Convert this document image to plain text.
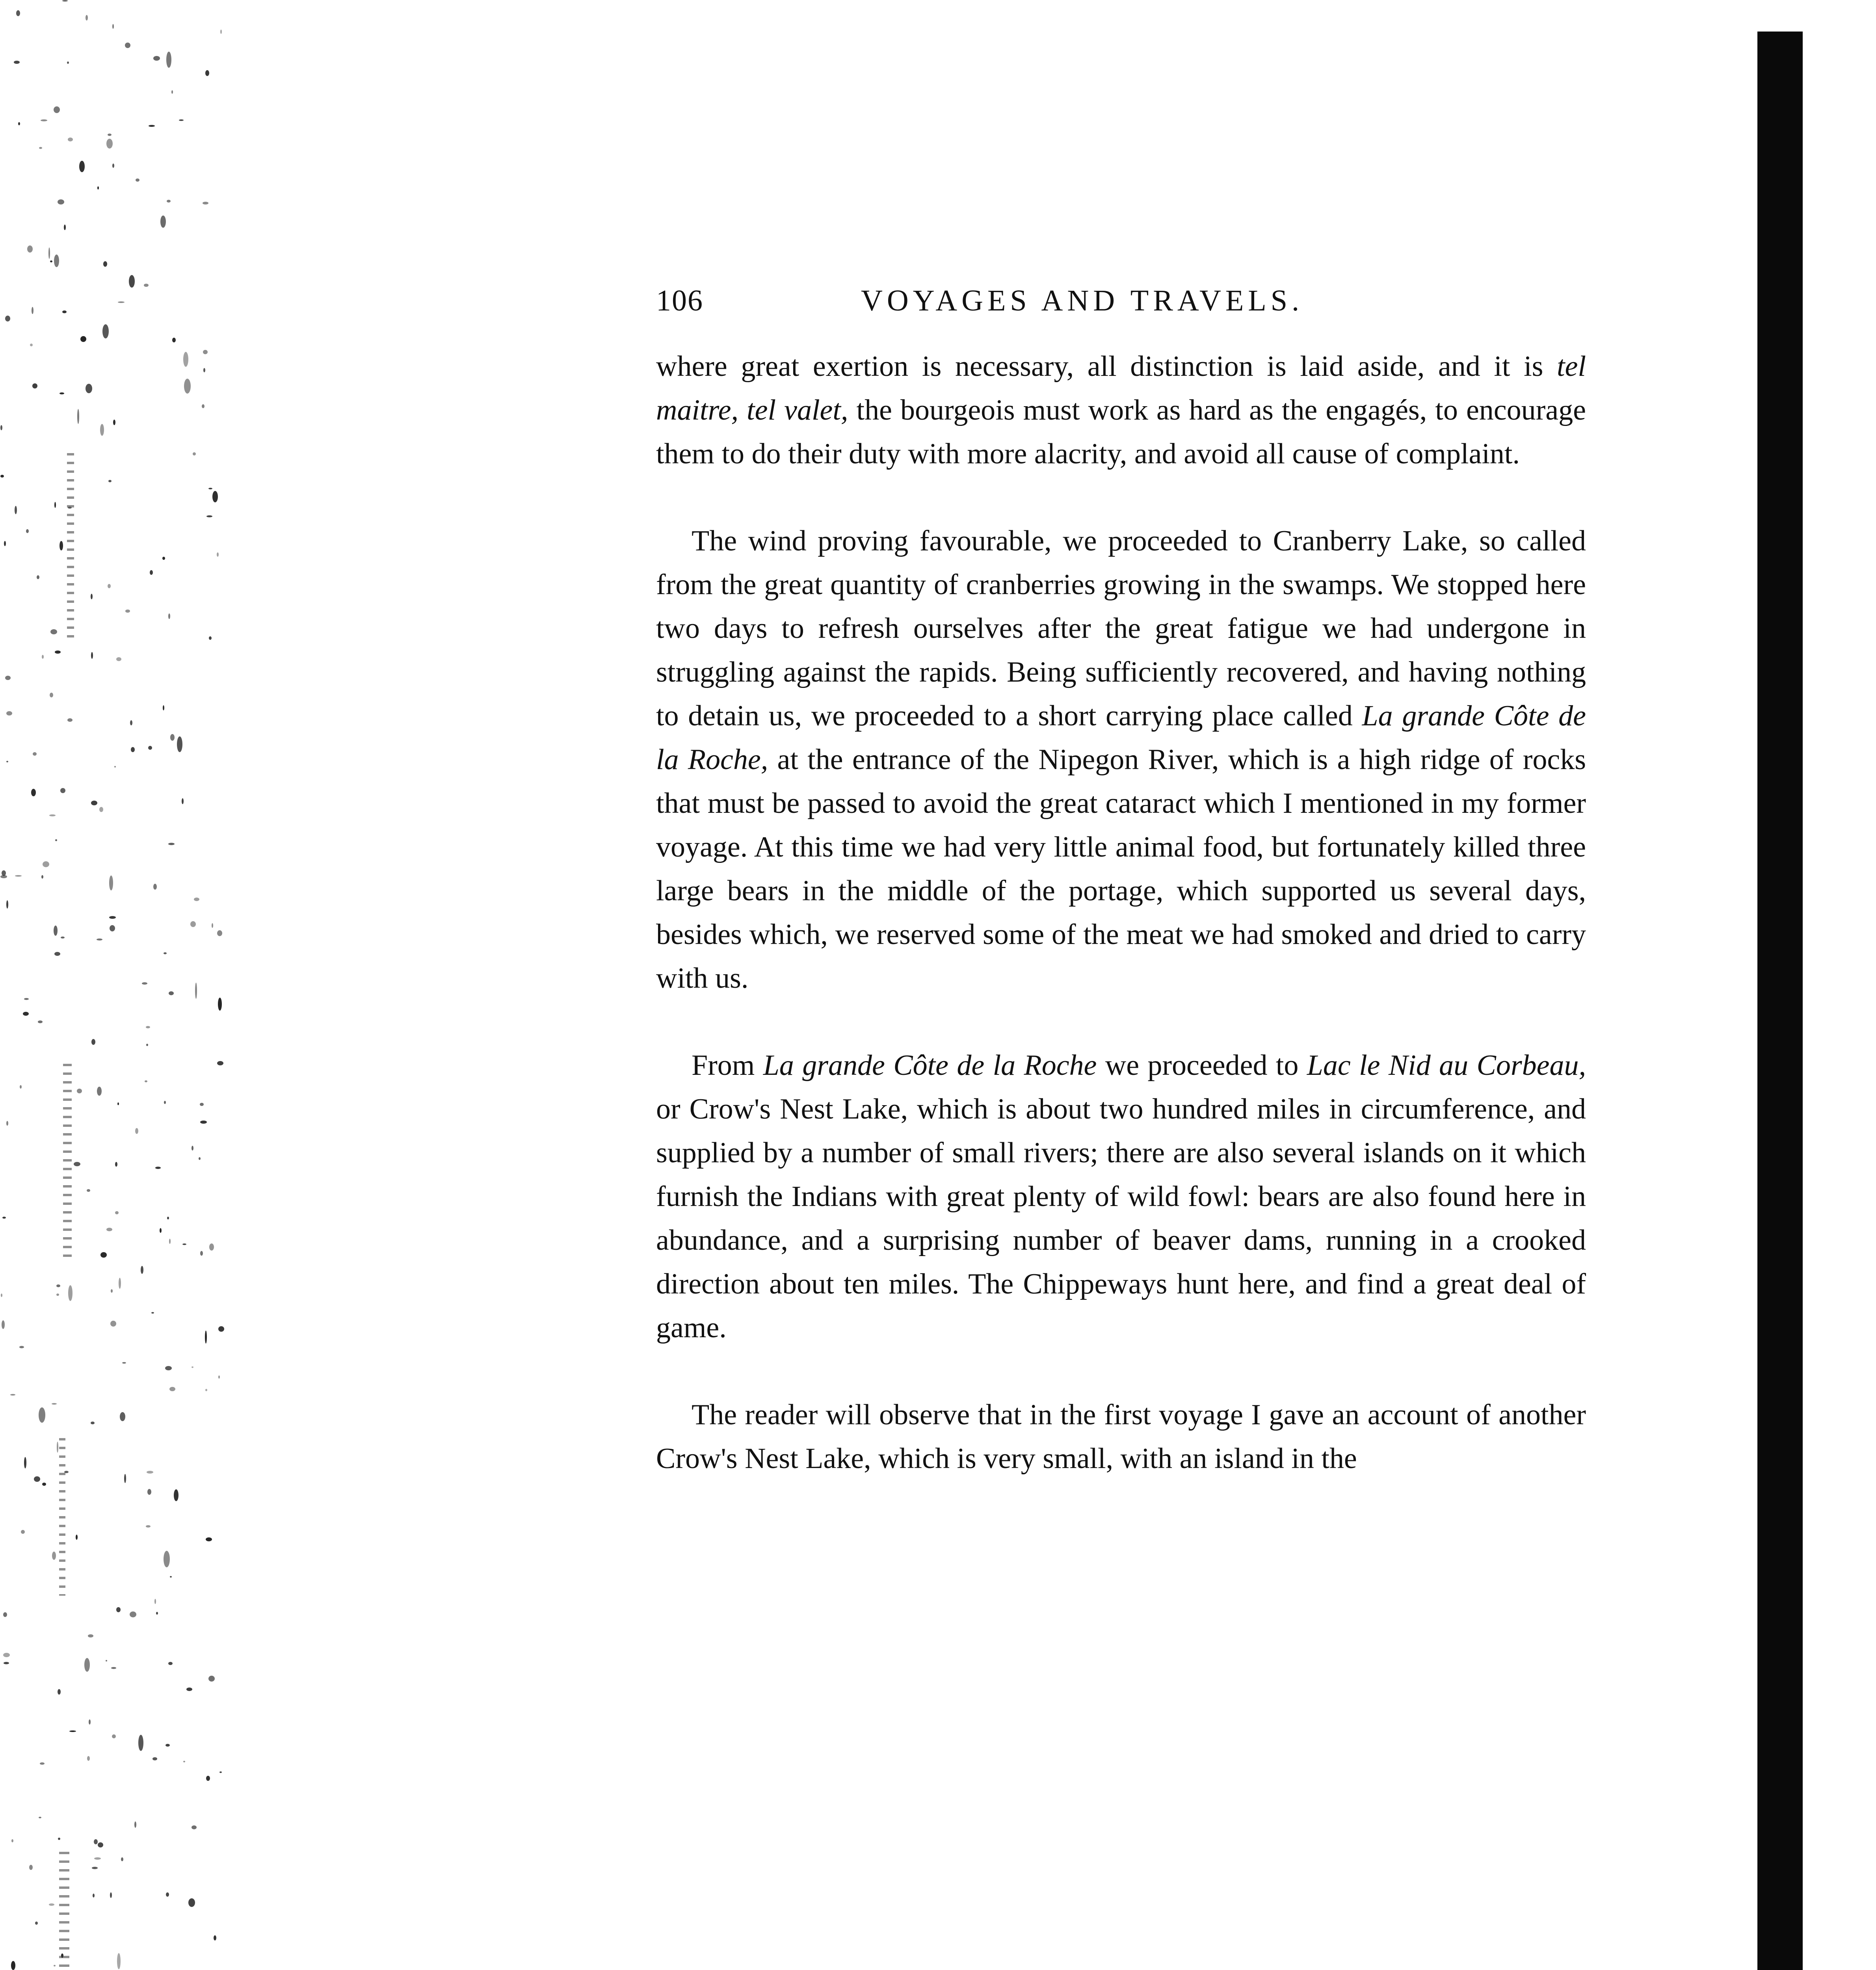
106	VOYAGES AND TRAVELS.

where great exertion is necessary, all distinction is laid aside, and it is tel maitre, tel valet, the bourgeois must work as hard as the engagés, to encourage them to do their duty with more alacrity, and avoid all cause of complaint.

The wind proving favourable, we proceeded to Cranberry Lake, so called from the great quantity of cranberries growing in the swamps. We stopped here two days to refresh ourselves after the great fatigue we had undergone in struggling against the rapids. Being sufficiently recovered, and having nothing to detain us, we proceeded to a short carrying place called La grande Côte de la Roche, at the entrance of the Nipegon River, which is a high ridge of rocks that must be passed to avoid the great cataract which I mentioned in my former voyage. At this time we had very little animal food, but fortunately killed three large bears in the middle of the portage, which supported us several days, besides which, we reserved some of the meat we had smoked and dried to carry with us.

From La grande Côte de la Roche we proceeded to Lac le Nid au Corbeau, or Crow's Nest Lake, which is about two hundred miles in circumference, and supplied by a number of small rivers; there are also several islands on it which furnish the Indians with great plenty of wild fowl: bears are also found here in abundance, and a surprising number of beaver dams, running in a crooked direction about ten miles. The Chippeways hunt here, and find a great deal of game.

The reader will observe that in the first voyage I gave an account of another Crow's Nest Lake, which is very small, with an island in the
